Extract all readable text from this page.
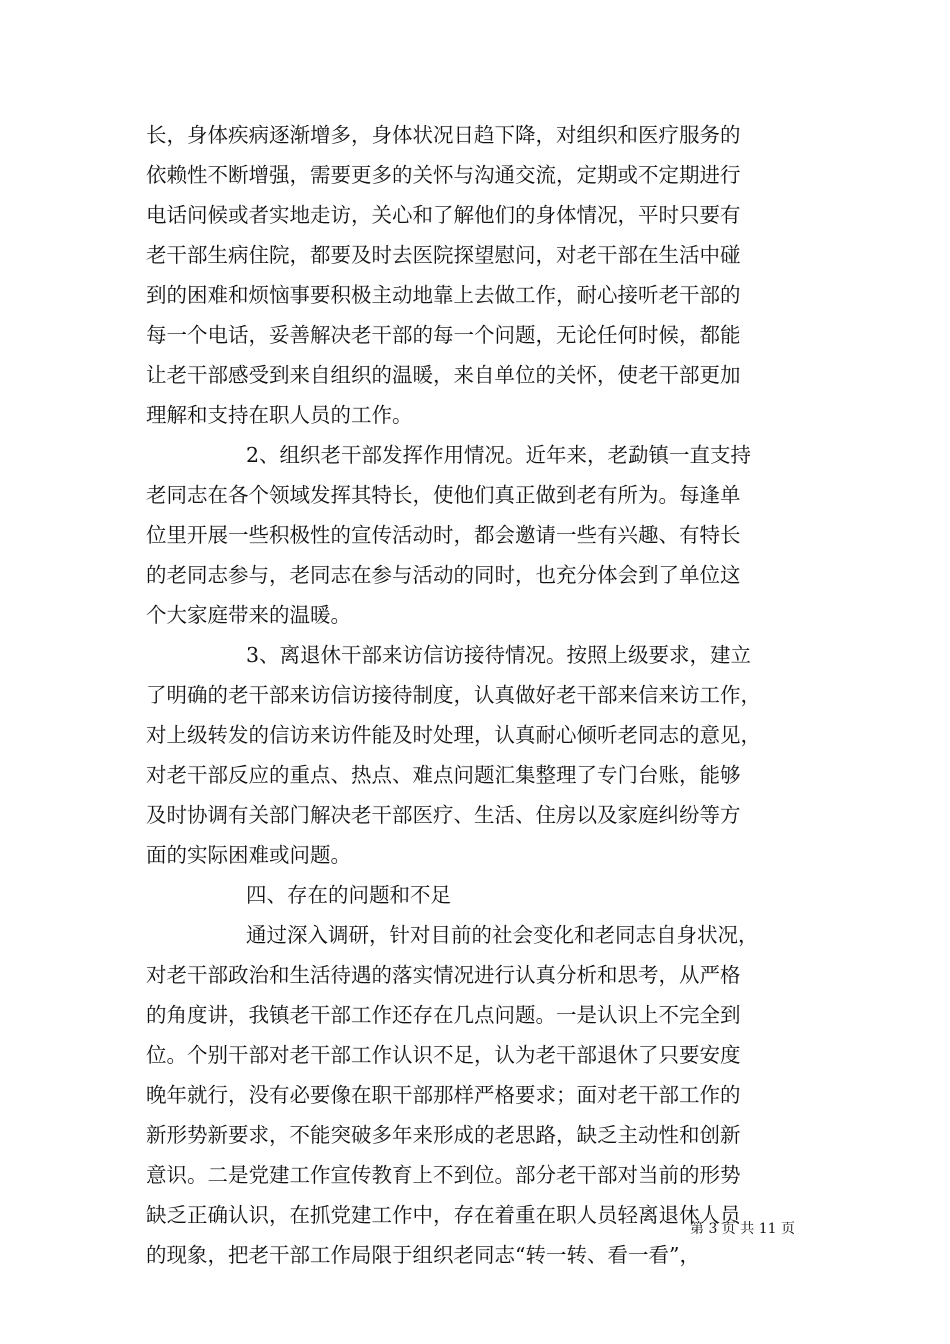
长，身体疾病逐渐增多，身体状况日趋下降，对组织和医疗服务的
依赖性不断增强，需要更多的关怀与沟通交流，定期或不定期进行
电话问候或者实地走访，关心和了解他们的身体情况，平时只要有
老干部生病住院，都要及时去医院探望慰问，对老干部在生活中碰
到的困难和烦恼事要积极主动地靠上去做工作，耐心接听老干部的
每一个电话，妥善解决老干部的每一个问题，无论任何时候，都能
让老干部感受到来自组织的温暖，来自单位的关怀，使老干部更加
理解和支持在职人员的工作。
2、组织老干部发挥作用情况。近年来，老勐镇一直支持
老同志在各个领域发挥其特长，使他们真正做到老有所为。每逢单
位里开展一些积极性的宣传活动时，都会邀请一些有兴趣、有特长
的老同志参与，老同志在参与活动的同时，也充分体会到了单位这
个大家庭带来的温暖。
3、离退休干部来访信访接待情况。按照上级要求，建立
了明确的老干部来访信访接待制度，认真做好老干部来信来访工作，
对上级转发的信访来访件能及时处理，认真耐心倾听老同志的意见，
对老干部反应的重点、热点、难点问题汇集整理了专门台账，能够
及时协调有关部门解决老干部医疗、生活、住房以及家庭纠纷等方
面的实际困难或问题。
四、存在的问题和不足
通过深入调研，针对目前的社会变化和老同志自身状况，
对老干部政治和生活待遇的落实情况进行认真分析和思考，从严格
的角度讲，我镇老干部工作还存在几点问题。一是认识上不完全到
位。个别干部对老干部工作认识不足，认为老干部退休了只要安度
晚年就行，没有必要像在职干部那样严格要求；面对老干部工作的
新形势新要求，不能突破多年来形成的老思路，缺乏主动性和创新
意识。二是党建工作宣传教育上不到位。部分老干部对当前的形势
缺乏正确认识，在抓党建工作中，存在着重在职人员轻离退休人员
的现象，把老干部工作局限于组织老同志“转一转、看一看”，
第 3 页 共 11 页
